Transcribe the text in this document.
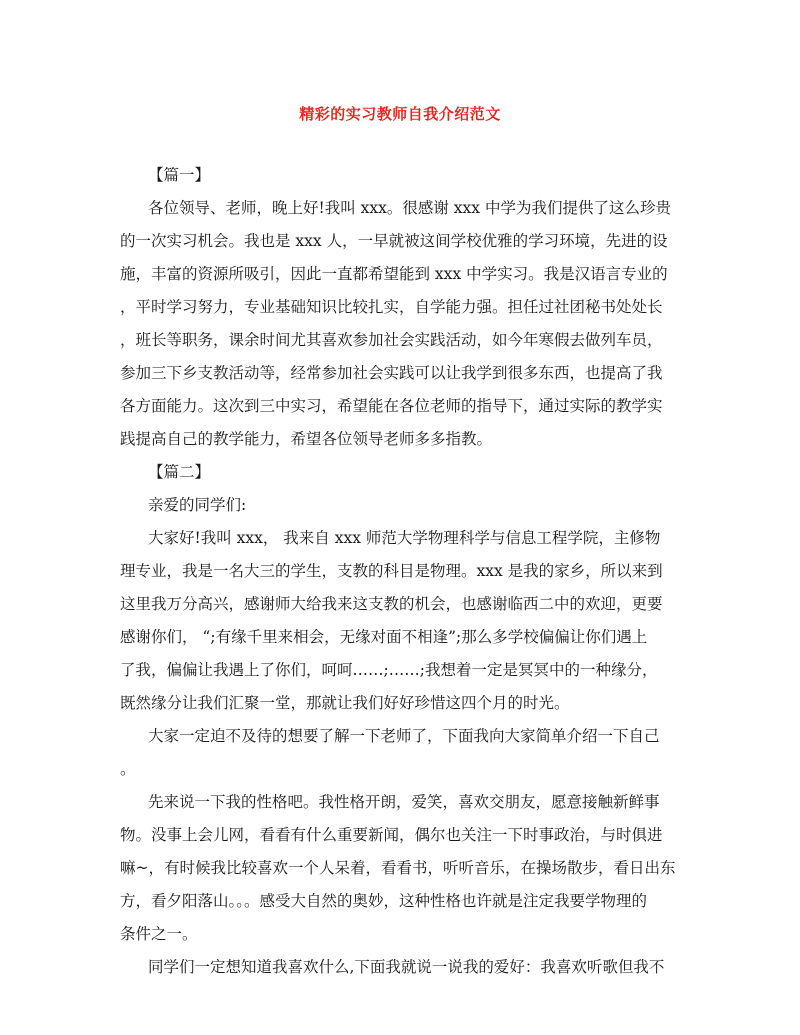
精彩的实习教师自我介绍范文
【篇一】
各位领导、老师，晚上好!我叫 xxx。很感谢 xxx 中学为我们提供了这么珍贵
的一次实习机会。我也是 xxx 人，一早就被这间学校优雅的学习环境，先进的设
施，丰富的资源所吸引，因此一直都希望能到 xxx 中学实习。我是汉语言专业的
，平时学习努力，专业基础知识比较扎实，自学能力强。担任过社团秘书处处长
，班长等职务，课余时间尤其喜欢参加社会实践活动，如今年寒假去做列车员，
参加三下乡支教活动等，经常参加社会实践可以让我学到很多东西，也提高了我
各方面能力。这次到三中实习，希望能在各位老师的指导下，通过实际的教学实
践提高自己的教学能力，希望各位领导老师多多指教。
【篇二】
亲爱的同学们:
大家好!我叫 xxx， 我来自 xxx 师范大学物理科学与信息工程学院，主修物
理专业，我是一名大三的学生，支教的科目是物理。xxx 是我的家乡，所以来到
这里我万分高兴，感谢师大给我来这支教的机会，也感谢临西二中的欢迎，更要
感谢你们， “;有缘千里来相会，无缘对面不相逢”;那么多学校偏偏让你们遇上
了我，偏偏让我遇上了你们，呵呵……;……;我想着一定是冥冥中的一种缘分，
既然缘分让我们汇聚一堂，那就让我们好好珍惜这四个月的时光。
大家一定迫不及待的想要了解一下老师了，下面我向大家简单介绍一下自己
。
先来说一下我的性格吧。我性格开朗，爱笑，喜欢交朋友，愿意接触新鲜事
物。没事上会儿网，看看有什么重要新闻，偶尔也关注一下时事政治，与时俱进
嘛~，有时候我比较喜欢一个人呆着，看看书，听听音乐，在操场散步，看日出东
方，看夕阳落山。。。感受大自然的奥妙，这种性格也许就是注定我要学物理的
条件之一。
同学们一定想知道我喜欢什么,下面我就说一说我的爱好：我喜欢听歌但我不
